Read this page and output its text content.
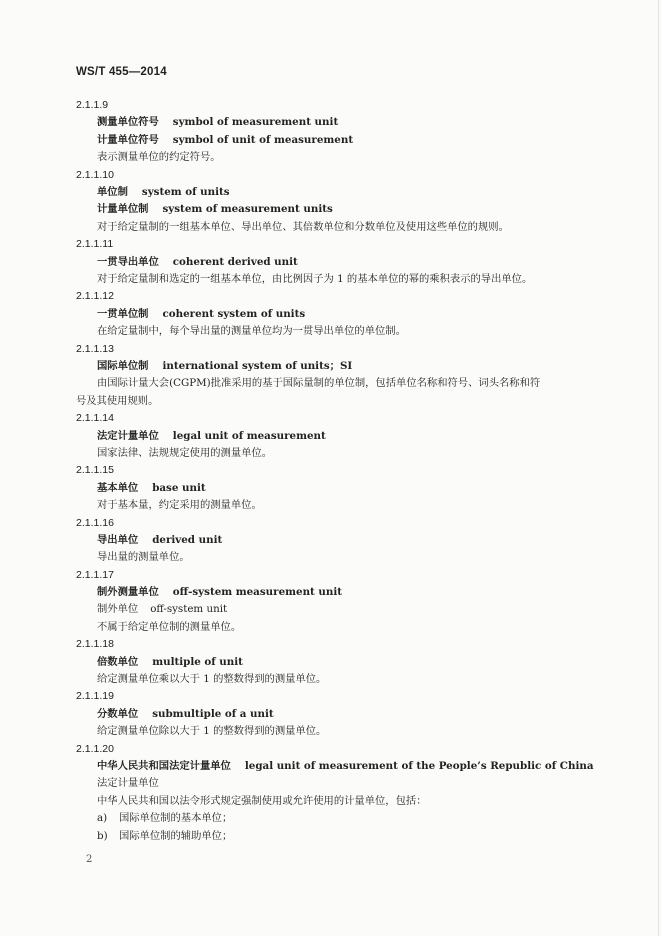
WS/T 455—2014
2.1.1.9
测量单位符号 symbol of measurement unit
计量单位符号 symbol of unit of measurement
表示测量单位的约定符号。
2.1.1.10
单位制 system of units
计量单位制 system of measurement units
对于给定量制的一组基本单位、导出单位、其倍数单位和分数单位及使用这些单位的规则。
2.1.1.11
一贯导出单位 coherent derived unit
对于给定量制和选定的一组基本单位，由比例因子为 1 的基本单位的幂的乘积表示的导出单位。
2.1.1.12
一贯单位制 coherent system of units
在给定量制中，每个导出量的测量单位均为一贯导出单位的单位制。
2.1.1.13
国际单位制 international system of units；SI
由国际计量大会(CGPM)批准采用的基于国际量制的单位制，包括单位名称和符号、词头名称和符
号及其使用规则。
2.1.1.14
法定计量单位 legal unit of measurement
国家法律、法规规定使用的测量单位。
2.1.1.15
基本单位 base unit
对于基本量，约定采用的测量单位。
2.1.1.16
导出单位 derived unit
导出量的测量单位。
2.1.1.17
制外测量单位 off-system measurement unit
制外单位 off-system unit
不属于给定单位制的测量单位。
2.1.1.18
倍数单位 multiple of unit
给定测量单位乘以大于 1 的整数得到的测量单位。
2.1.1.19
分数单位 submultiple of a unit
给定测量单位除以大于 1 的整数得到的测量单位。
2.1.1.20
中华人民共和国法定计量单位 legal unit of measurement of the People’s Republic of China
法定计量单位
中华人民共和国以法令形式规定强制使用或允许使用的计量单位，包括：
a) 国际单位制的基本单位；
b) 国际单位制的辅助单位；
2
